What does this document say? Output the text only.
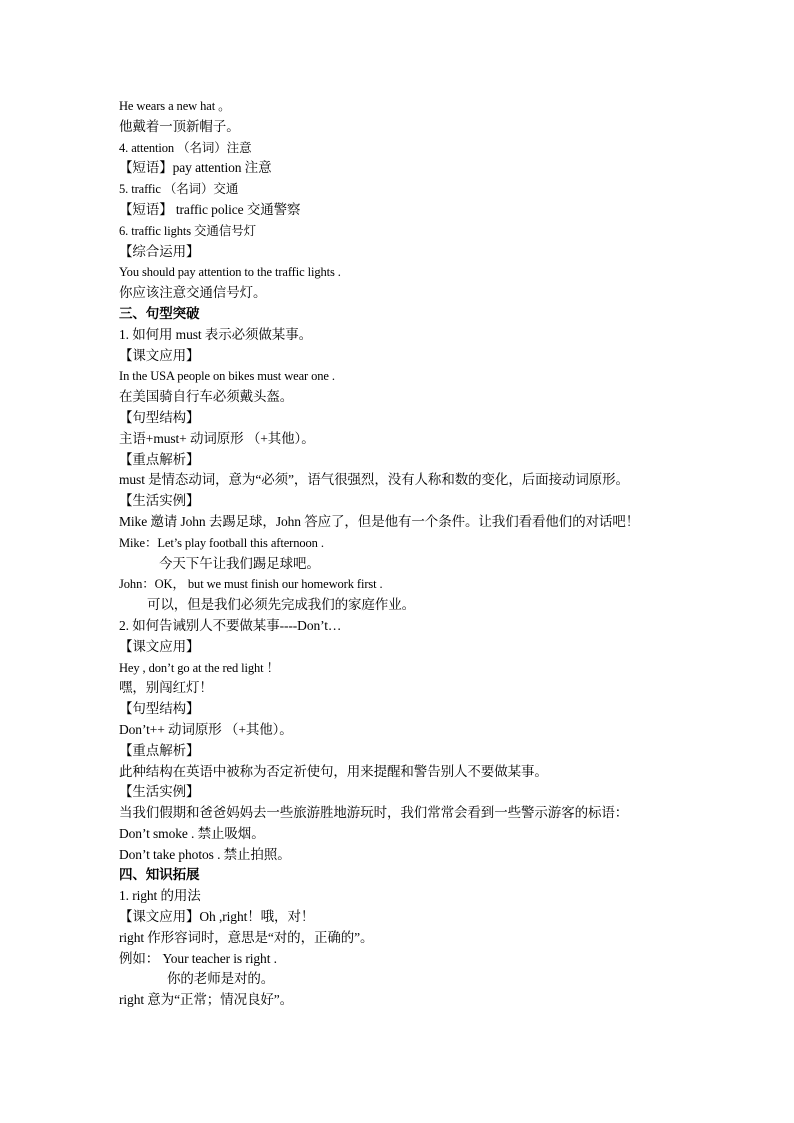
He wears a new hat 。
他戴着一顶新帽子。
4. attention （名词）注意
【短语】pay attention 注意
5. traffic （名词）交通
【短语】 traffic police 交通警察
6. traffic lights 交通信号灯
【综合运用】
You should pay attention to the traffic lights .
你应该注意交通信号灯。
三、句型突破
1. 如何用 must 表示必须做某事。
【课文应用】
In the USA people on bikes must wear one .
在美国骑自行车必须戴头盔。
【句型结构】
主语+must+ 动词原形 （+其他）。
【重点解析】
must 是情态动词，意为“必须”，语气很强烈，没有人称和数的变化，后面接动词原形。
【生活实例】
Mike 邀请 John 去踢足球，John 答应了，但是他有一个条件。让我们看看他们的对话吧！
Mike：Let’s play football this afternoon .
今天下午让我们踢足球吧。
John：OK， but we must finish our homework first .
可以，但是我们必须先完成我们的家庭作业。
2. 如何告诫别人不要做某事----Don’t…
【课文应用】
Hey , don’t go at the red light ！
嘿，别闯红灯！
【句型结构】
Don’t++ 动词原形 （+其他）。
【重点解析】
此种结构在英语中被称为否定祈使句，用来提醒和警告别人不要做某事。
【生活实例】
当我们假期和爸爸妈妈去一些旅游胜地游玩时，我们常常会看到一些警示游客的标语：
Don’t smoke . 禁止吸烟。
Don’t take photos . 禁止拍照。
四、知识拓展
1. right 的用法
【课文应用】Oh ,right！哦，对！
right 作形容词时，意思是“对的，正确的”。
例如： Your teacher is right .
你的老师是对的。
right 意为“正常；情况良好”。
